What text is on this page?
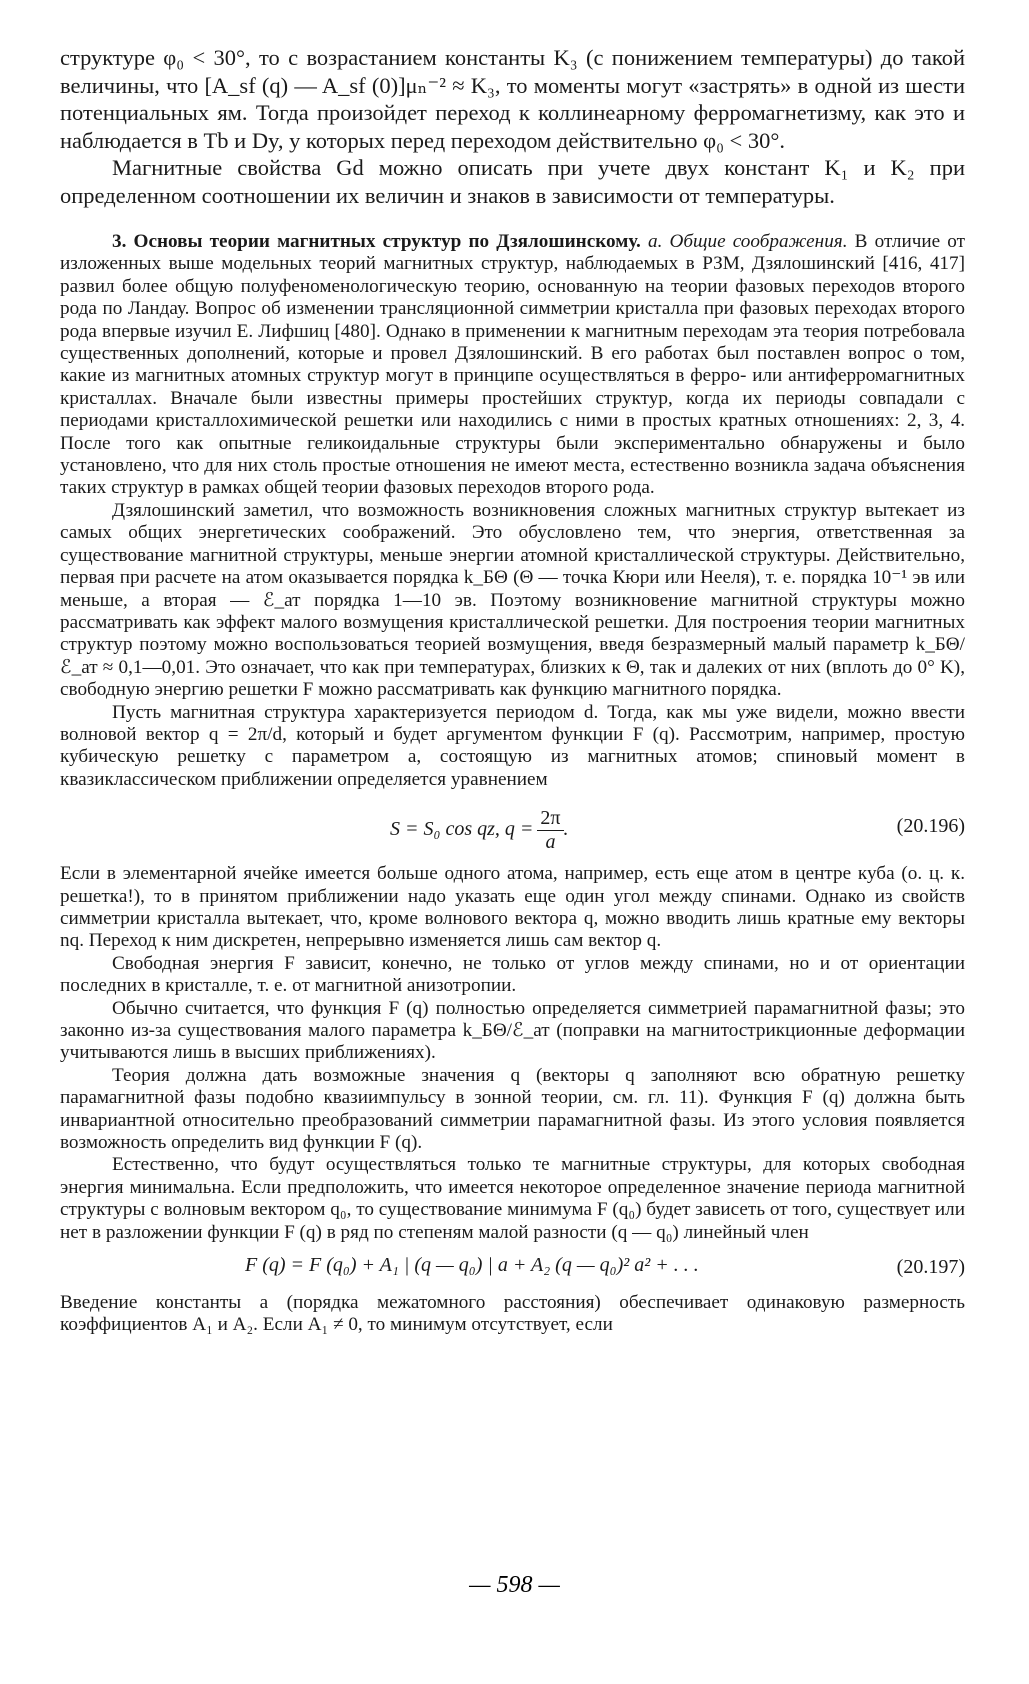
структуре φ₀ < 30°, то с возрастанием константы K₃ (с понижением температуры) до такой величины, что [A_sf (q) — A_sf (0)]μₙ⁻² ≈ K₃, то моменты могут «застрять» в одной из шести потенциальных ям. Тогда произойдет переход к коллинеарному ферромагнетизму, как это и наблюдается в Tb и Dy, у которых перед переходом действительно φ₀ < 30°.

Магнитные свойства Gd можно описать при учете двух констант K₁ и K₂ при определенном соотношении их величин и знаков в зависимости от температуры.

3. Основы теории магнитных структур по Дзялошинскому. а. Общие соображения. В отличие от изложенных выше модельных теорий магнитных структур, наблюдаемых в РЗМ, Дзялошинский [416, 417] развил более общую полуфеноменологическую теорию, основанную на теории фазовых переходов второго рода по Ландау. Вопрос об изменении трансляционной симметрии кристалла при фазовых переходах второго рода впервые изучил Е. Лифшиц [480]. Однако в применении к магнитным переходам эта теория потребовала существенных дополнений, которые и провел Дзялошинский. В его работах был поставлен вопрос о том, какие из магнитных атомных структур могут в принципе осуществляться в ферро- или антиферромагнитных кристаллах. Вначале были известны примеры простейших структур, когда их периоды совпадали с периодами кристаллохимической решетки или находились с ними в простых кратных отношениях: 2, 3, 4. После того как опытные геликоидальные структуры были экспериментально обнаружены и было установлено, что для них столь простые отношения не имеют места, естественно возникла задача объяснения таких структур в рамках общей теории фазовых переходов второго рода.

Дзялошинский заметил, что возможность возникновения сложных магнитных структур вытекает из самых общих энергетических соображений. Это обусловлено тем, что энергия, ответственная за существование магнитной структуры, меньше энергии атомной кристаллической структуры. Действительно, первая при расчете на атом оказывается порядка k_БΘ (Θ — точка Кюри или Нееля), т. е. порядка 10⁻¹ эв или меньше, а вторая — ℰ_ат порядка 1—10 эв. Поэтому возникновение магнитной структуры можно рассматривать как эффект малого возмущения кристаллической решетки. Для построения теории магнитных структур поэтому можно воспользоваться теорией возмущения, введя безразмерный малый параметр k_БΘ/ℰ_ат ≈ 0,1—0,01. Это означает, что как при температурах, близких к Θ, так и далеких от них (вплоть до 0° K), свободную энергию решетки F можно рассматривать как функцию магнитного порядка.

Пусть магнитная структура характеризуется периодом d. Тогда, как мы уже видели, можно ввести волновой вектор q = 2π/d, который и будет аргументом функции F (q). Рассмотрим, например, простую кубическую решетку с параметром a, состоящую из магнитных атомов; спиновый момент в квазиклассическом приближении определяется уравнением

S = S₀ cos qz, $q = \frac{2\pi}{a}$ .	(20.196)

Если в элементарной ячейке имеется больше одного атома, например, есть еще атом в центре куба (о. ц. к. решетка!), то в принятом приближении надо указать еще один угол между спинами. Однако из свойств симметрии кристалла вытекает, что, кроме волнового вектора q, можно вводить лишь кратные ему векторы nq. Переход к ним дискретен, непрерывно изменяется лишь сам вектор q.

Свободная энергия F зависит, конечно, не только от углов между спинами, но и от ориентации последних в кристалле, т. е. от магнитной анизотропии.

Обычно считается, что функция F (q) полностью определяется симметрией парамагнитной фазы; это законно из-за существования малого параметра k_БΘ/ℰ_ат (поправки на магнитострикционные деформации учитываются лишь в высших приближениях).

Теория должна дать возможные значения q (векторы q заполняют всю обратную решетку парамагнитной фазы подобно квазиимпульсу в зонной теории, см. гл. 11). Функция F (q) должна быть инвариантной относительно преобразований симметрии парамагнитной фазы. Из этого условия появляется возможность определить вид функции F (q).

Естественно, что будут осуществляться только те магнитные структуры, для которых свободная энергия минимальна. Если предположить, что имеется некоторое определенное значение периода магнитной структуры с волновым вектором q₀, то существование минимума F (q₀) будет зависеть от того, существует или нет в разложении функции F (q) в ряд по степеням малой разности (q — q₀) линейный член

F (q) = F (q₀) + A₁ | (q — q₀) | a + A₂ (q — q₀)² a² + . . .	(20.197)

Введение константы a (порядка межатомного расстояния) обеспечивает одинаковую размерность коэффициентов A₁ и A₂. Если A₁ ≠ 0, то минимум отсутствует, если

— 598 —
